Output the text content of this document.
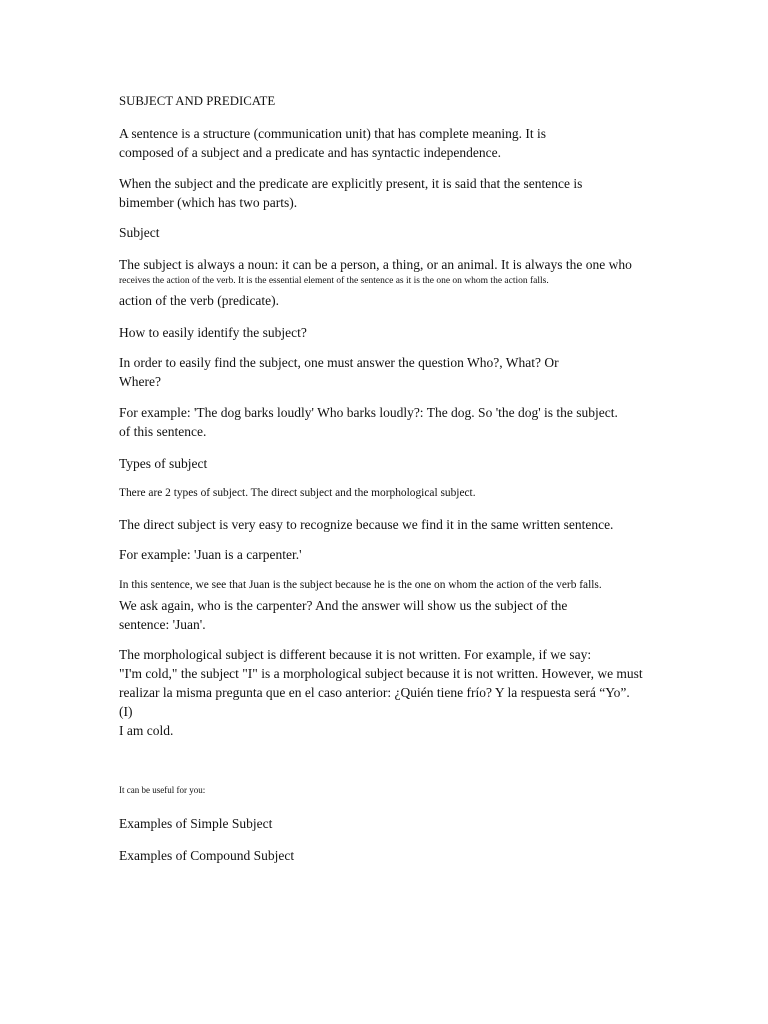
SUBJECT AND PREDICATE
A sentence is a structure (communication unit) that has complete meaning. It is
composed of a subject and a predicate and has syntactic independence.
When the subject and the predicate are explicitly present, it is said that the sentence is
bimember (which has two parts).
Subject
The subject is always a noun: it can be a person, a thing, or an animal. It is always the one who
receives the action of the verb. It is the essential element of the sentence as it is the one on whom the action falls.
action of the verb (predicate).
How to easily identify the subject?
In order to easily find the subject, one must answer the question Who?, What? Or
Where?
For example: 'The dog barks loudly' Who barks loudly?: The dog. So 'the dog' is the subject.
of this sentence.
Types of subject
There are 2 types of subject. The direct subject and the morphological subject.
The direct subject is very easy to recognize because we find it in the same written sentence.
For example: 'Juan is a carpenter.'
In this sentence, we see that Juan is the subject because he is the one on whom the action of the verb falls.
We ask again, who is the carpenter? And the answer will show us the subject of the
sentence: 'Juan'.
The morphological subject is different because it is not written. For example, if we say:
"I'm cold," the subject "I" is a morphological subject because it is not written. However, we must
realizar la misma pregunta que en el caso anterior: ¿Quién tiene frío? Y la respuesta será “Yo”.
(I)
I am cold.
It can be useful for you:
Examples of Simple Subject
Examples of Compound Subject
